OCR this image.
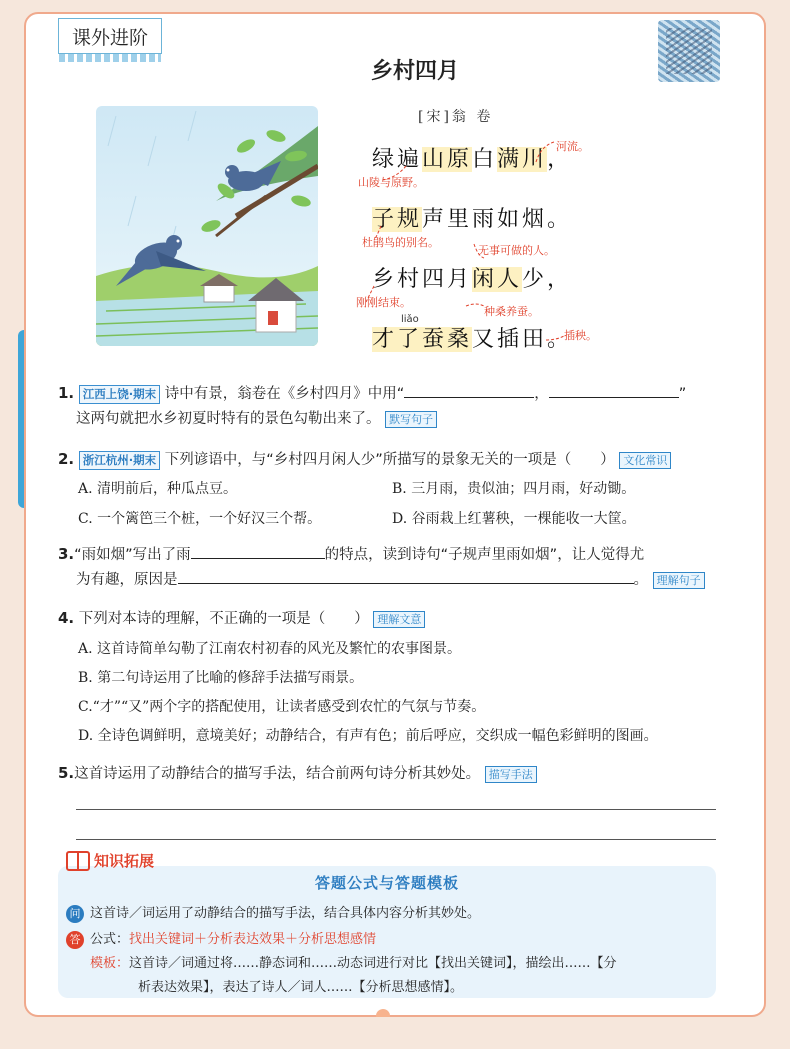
课外进阶
乡村四月
[宋]翁 卷
绿遍山原白满川，
子规声里雨如烟。
乡村四月闲人少，
才了蚕桑又插田。
liǎo
河流。
山陵与原野。
杜鹃鸟的别名。
无事可做的人。
刚刚结束。
种桑养蚕。
插秧。
1. 江西上饶·期末 诗中有景，翁卷在《乡村四月》中用“	，	”
这两句就把水乡初夏时特有的景色勾勒出来了。 默写句子
2. 浙江杭州·期末 下列谚语中，与“乡村四月闲人少”所描写的景象无关的一项是（　　） 文化常识
A. 清明前后，种瓜点豆。	B. 三月雨，贵似油；四月雨，好动锄。
C. 一个篱笆三个桩，一个好汉三个帮。	D. 谷雨栽上红薯秧，一棵能收一大筐。
3.“雨如烟”写出了雨	的特点，读到诗句“子规声里雨如烟”，让人觉得尤
为有趣，原因是	。 理解句子
4. 下列对本诗的理解，不正确的一项是（　　） 理解文意
A. 这首诗简单勾勒了江南农村初春的风光及繁忙的农事图景。
B. 第二句诗运用了比喻的修辞手法描写雨景。
C.“才”“又”两个字的搭配使用，让读者感受到农忙的气氛与节奏。
D. 全诗色调鲜明，意境美好；动静结合，有声有色；前后呼应，交织成一幅色彩鲜明的图画。
5.这首诗运用了动静结合的描写手法，结合前两句诗分析其妙处。 描写手法
答题公式与答题模板
问 这首诗／词运用了动静结合的描写手法，结合具体内容分析其妙处。
答 公式：找出关键词＋分析表达效果＋分析思想感情
模板：这首诗／词通过将……静态词和……动态词进行对比【找出关键词】，描绘出……【分
析表达效果】，表达了诗人／词人……【分析思想感情】。
知识拓展
